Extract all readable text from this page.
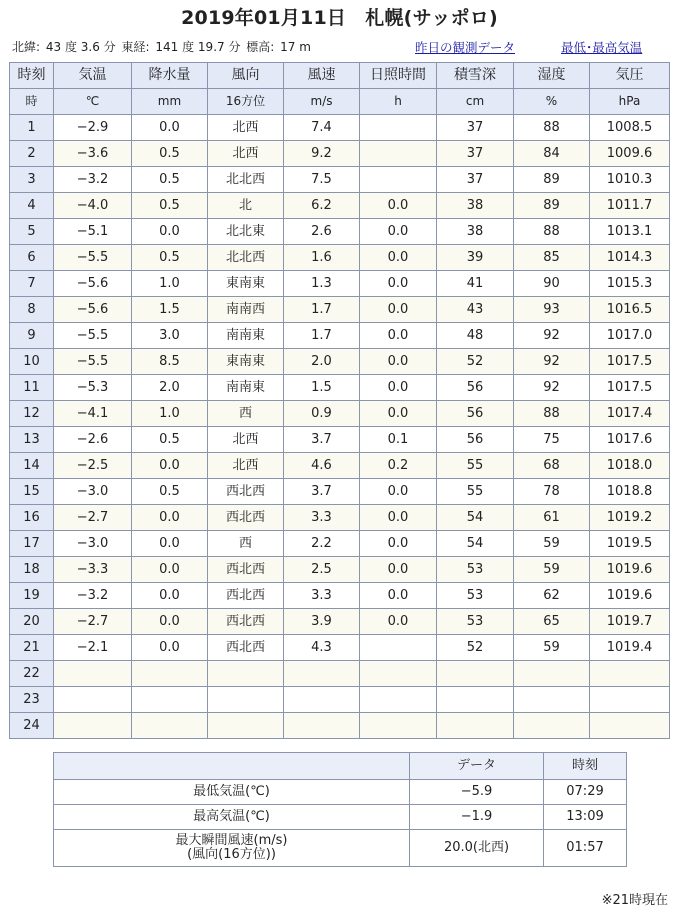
2019年01月11日　札幌(サッポロ)
北緯: 43 度 3.6 分 東経: 141 度 19.7 分 標高: 17 m	昨日の観測データ	最低･最高気温
時刻	気温	降水量	風向	風速	日照時間	積雪深	湿度	気圧
時	℃	mm	16方位	m/s	h	cm	%	hPa
1	−2.9	0.0	北西	7.4		37	88	1008.5
2	−3.6	0.5	北西	9.2		37	84	1009.6
3	−3.2	0.5	北北西	7.5		37	89	1010.3
4	−4.0	0.5	北	6.2	0.0	38	89	1011.7
5	−5.1	0.0	北北東	2.6	0.0	38	88	1013.1
6	−5.5	0.5	北北西	1.6	0.0	39	85	1014.3
7	−5.6	1.0	東南東	1.3	0.0	41	90	1015.3
8	−5.6	1.5	南南西	1.7	0.0	43	93	1016.5
9	−5.5	3.0	南南東	1.7	0.0	48	92	1017.0
10	−5.5	8.5	東南東	2.0	0.0	52	92	1017.5
11	−5.3	2.0	南南東	1.5	0.0	56	92	1017.5
12	−4.1	1.0	西	0.9	0.0	56	88	1017.4
13	−2.6	0.5	北西	3.7	0.1	56	75	1017.6
14	−2.5	0.0	北西	4.6	0.2	55	68	1018.0
15	−3.0	0.5	西北西	3.7	0.0	55	78	1018.8
16	−2.7	0.0	西北西	3.3	0.0	54	61	1019.2
17	−3.0	0.0	西	2.2	0.0	54	59	1019.5
18	−3.3	0.0	西北西	2.5	0.0	53	59	1019.6
19	−3.2	0.0	西北西	3.3	0.0	53	62	1019.6
20	−2.7	0.0	西北西	3.9	0.0	53	65	1019.7
21	−2.1	0.0	西北西	4.3		52	59	1019.4
22								
23								
24								
	データ	時刻
最低気温(℃)	−5.9	07:29
最高気温(℃)	−1.9	13:09

最大瞬間風速(m/s)
(風向(16方位))	20.0(北西)	01:57
※21時現在
